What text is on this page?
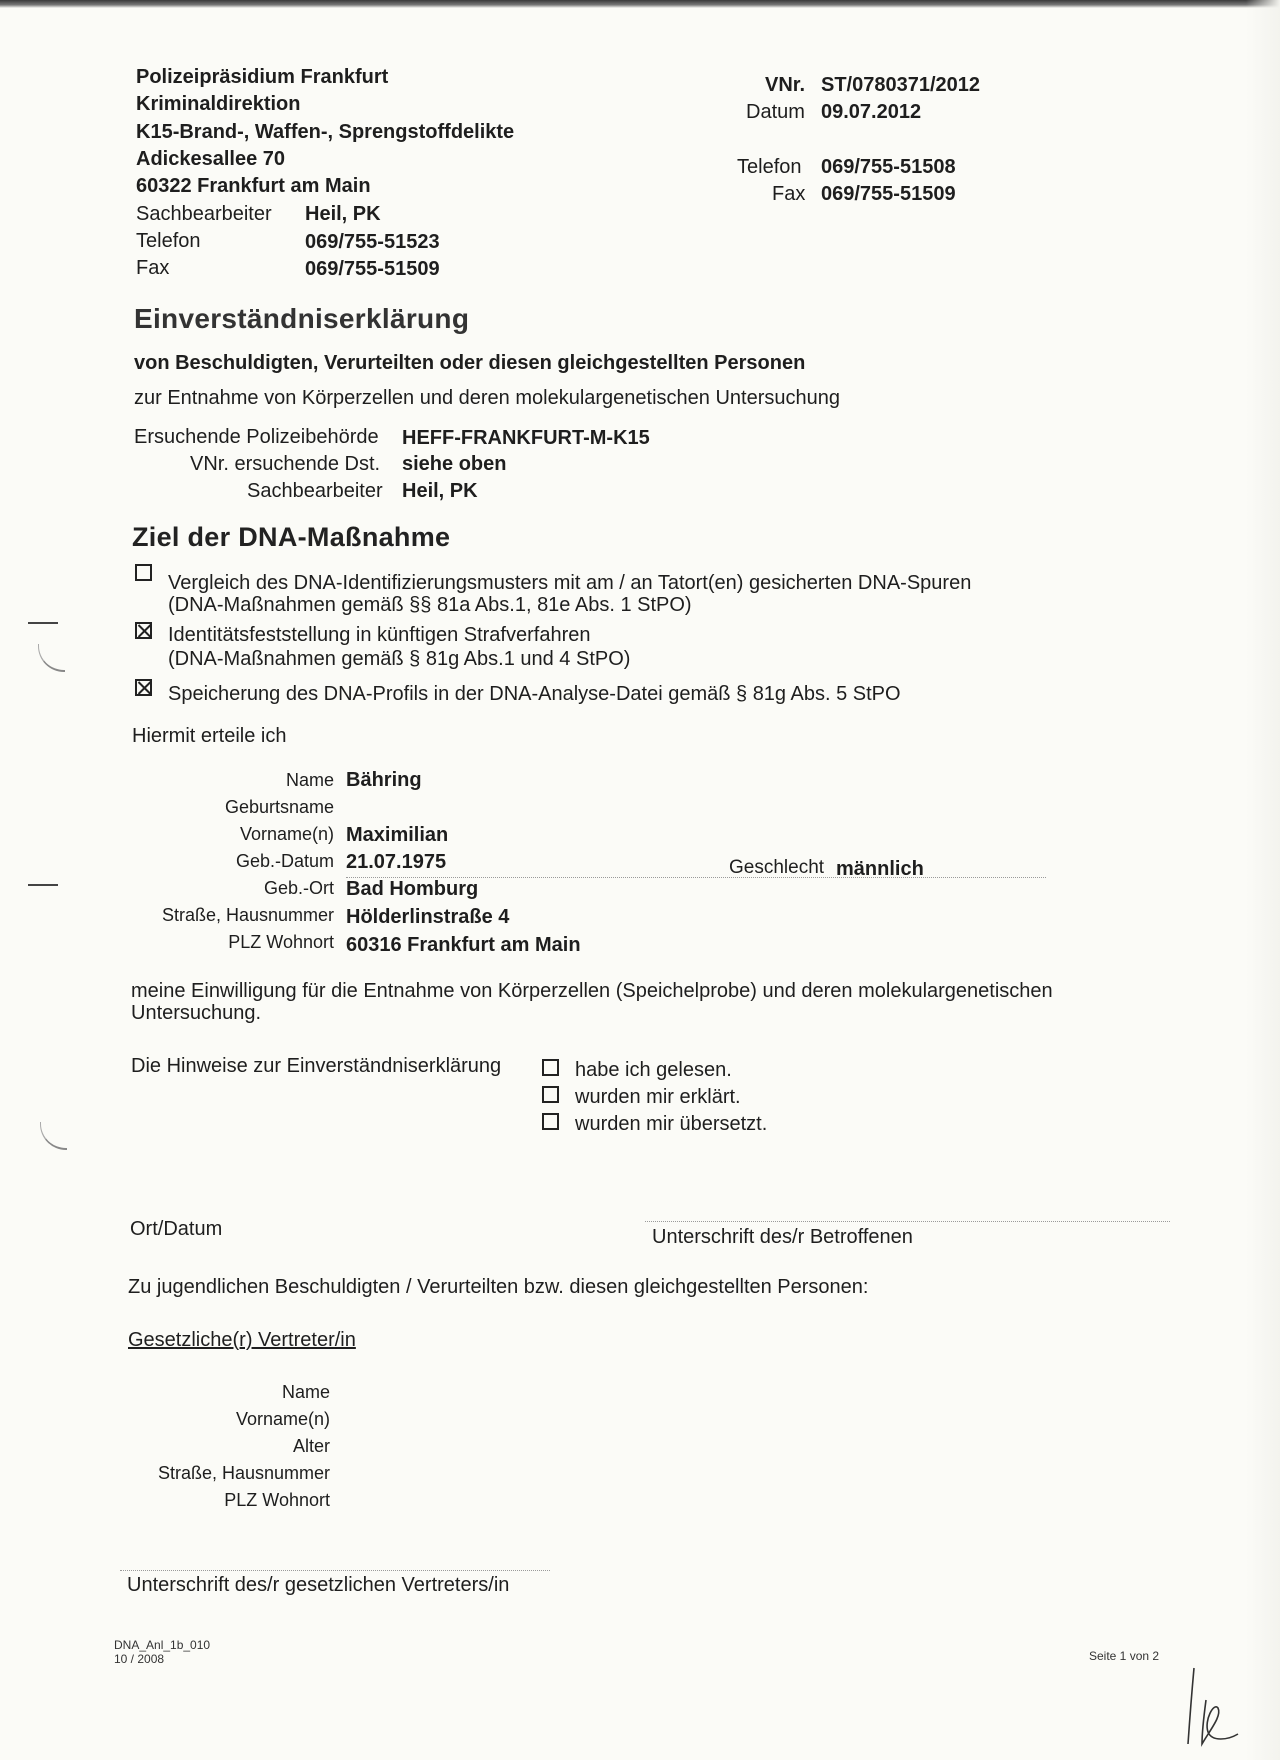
Polizeipräsidium Frankfurt
Kriminaldirektion
K15-Brand-, Waffen-, Sprengstoffdelikte
Adickesallee 70
60322 Frankfurt am Main
Sachbearbeiter Heil, PK
Telefon	069/755-51523
Fax	069/755-51509
VNr. ST/0780371/2012
Datum 09.07.2012
Telefon 069/755-51508
Fax 069/755-51509
Einverständniserklärung
von Beschuldigten, Verurteilten oder diesen gleichgestellten Personen
zur Entnahme von Körperzellen und deren molekulargenetischen Untersuchung
Ersuchende Polizeibehörde HEFF-FRANKFURT-M-K15
VNr. ersuchende Dst. siehe oben
Sachbearbeiter Heil, PK
Ziel der DNA-Maßnahme
Vergleich des DNA-Identifizierungsmusters mit am / an Tatort(en) gesicherten DNA-Spuren
(DNA-Maßnahmen gemäß §§ 81a Abs.1, 81e Abs. 1 StPO)
Identitätsfeststellung in künftigen Strafverfahren
(DNA-Maßnahmen gemäß § 81g Abs.1 und 4 StPO)
Speicherung des DNA-Profils in der DNA-Analyse-Datei gemäß § 81g Abs. 5 StPO
Hiermit erteile ich
Name Bähring
Geburtsname
Vorname(n) Maximilian
Geb.-Datum 21.07.1975	Geschlecht männlich
Geb.-Ort Bad Homburg
Straße, Hausnummer Hölderlinstraße 4
PLZ Wohnort 60316 Frankfurt am Main
meine Einwilligung für die Entnahme von Körperzellen (Speichelprobe) und deren molekulargenetischen
Untersuchung.
Die Hinweise zur Einverständniserklärung	habe ich gelesen.
wurden mir erklärt.
wurden mir übersetzt.
Ort/Datum	Unterschrift des/r Betroffenen
Zu jugendlichen Beschuldigten / Verurteilten bzw. diesen gleichgestellten Personen:
Gesetzliche(r) Vertreter/in
Name
Vorname(n)
Alter
Straße, Hausnummer
PLZ Wohnort
Unterschrift des/r gesetzlichen Vertreters/in
DNA_Anl_1b_010
10 / 2008	Seite 1 von 2
